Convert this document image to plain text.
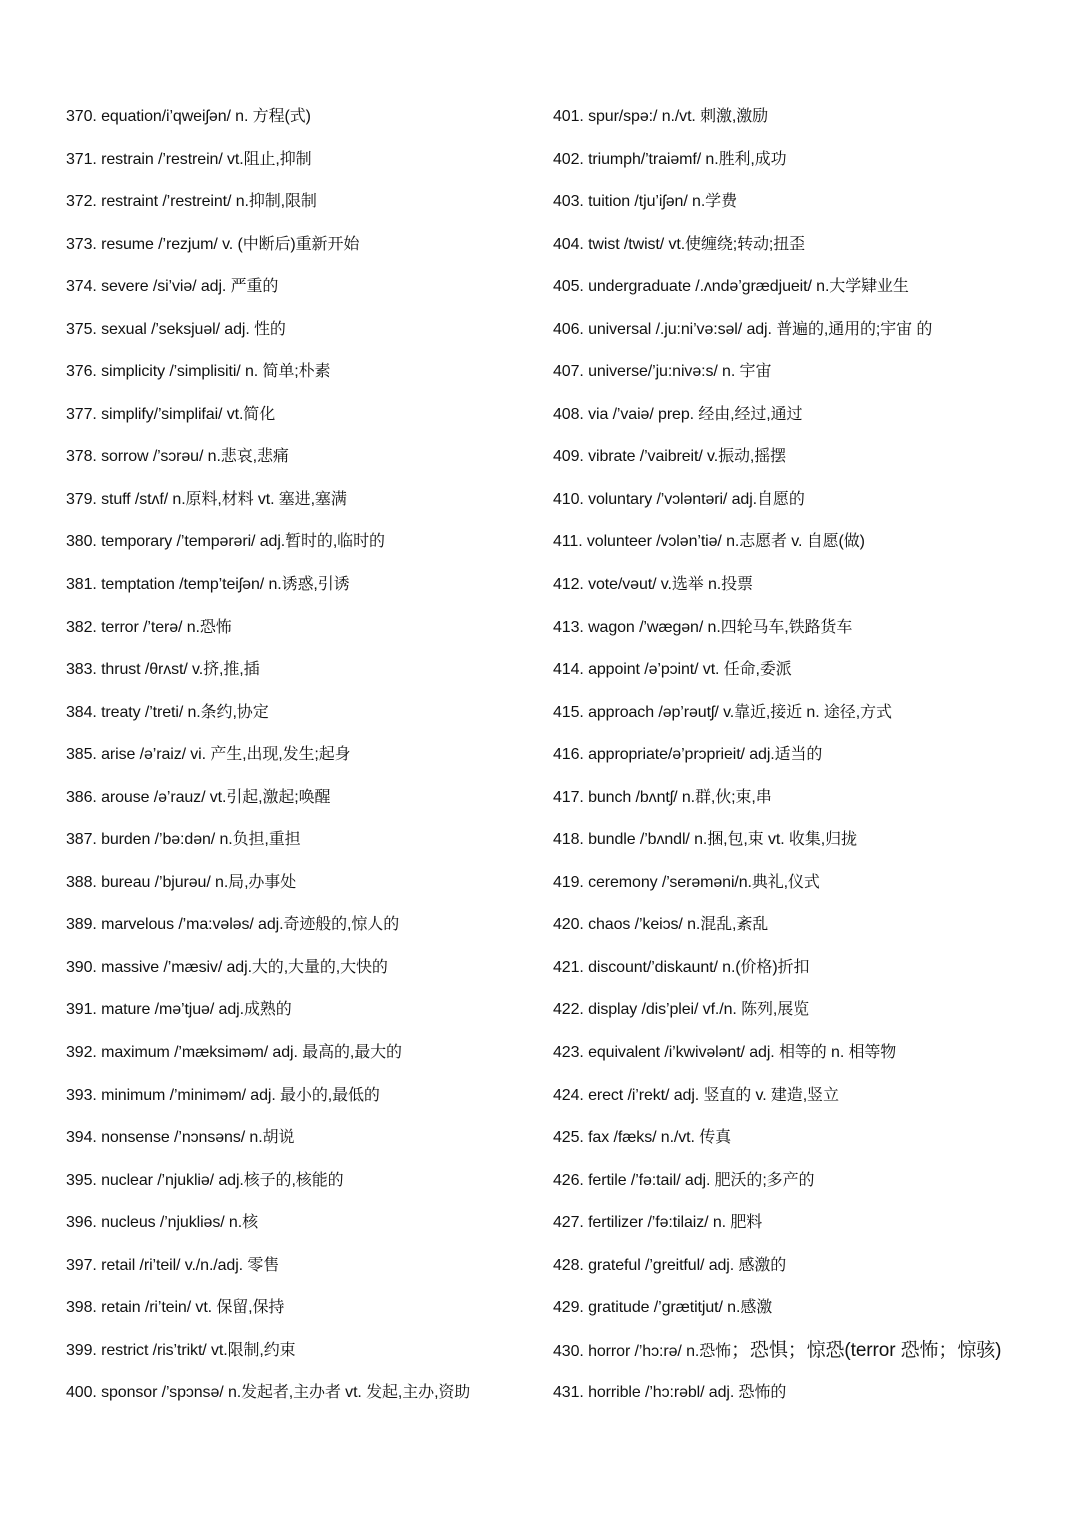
370. equation/i’qweiʃən/ n. 方程(式)
371. restrain /’restrein/ vt.阻止,抑制
372. restraint /’restreint/ n.抑制,限制
373. resume /’rezjum/ v. (中断后)重新开始
374. severe /si’viə/ adj. 严重的
375. sexual /’seksjuəl/ adj. 性的
376. simplicity /’simplisiti/ n. 简单;朴素
377. simplify/’simplifai/ vt.简化
378. sorrow /’sɔrəu/ n.悲哀,悲痛
379. stuff /stʌf/ n.原料,材料 vt. 塞进,塞满
380. temporary /’tempərəri/ adj.暂时的,临时的
381. temptation /temp’teiʃən/ n.诱惑,引诱
382. terror /’terə/ n.恐怖
383. thrust /θrʌst/ v.挤,推,插
384. treaty /’treti/ n.条约,协定
385. arise /ə’raiz/ vi. 产生,出现,发生;起身
386. arouse /ə’rauz/ vt.引起,激起;唤醒
387. burden /’bə:dən/ n.负担,重担
388. bureau /’bjurəu/ n.局,办事处
389. marvelous /’ma:vələs/ adj.奇迹般的,惊人的
390. massive /’mæsiv/ adj.大的,大量的,大快的
391. mature /mə’tjuə/ adj.成熟的
392. maximum /’mæksiməm/ adj. 最高的,最大的
393. minimum /’miniməm/ adj. 最小的,最低的
394. nonsense /’nɔnsəns/ n.胡说
395. nuclear /’njukliə/ adj.核子的,核能的
396. nucleus /’njukliəs/ n.核
397. retail /ri’teil/ v./n./adj. 零售
398. retain /ri’tein/ vt. 保留,保持
399. restrict /ris’trikt/ vt.限制,约束
400. sponsor /’spɔnsə/ n.发起者,主办者 vt. 发起,主办,资助
401. spur/spə:/ n./vt. 刺激,激励
402. triumph/’traiəmf/ n.胜利,成功
403. tuition /tju’iʃən/ n.学费
404. twist /twist/ vt.使缠绕;转动;扭歪
405. undergraduate /.ʌndə’grædjueit/ n.大学肄业生
406. universal /.ju:ni’və:səl/ adj. 普遍的,通用的;宇宙 的
407. universe/’ju:nivə:s/ n. 宇宙
408. via /’vaiə/ prep. 经由,经过,通过
409. vibrate /’vaibreit/ v.振动,摇摆
410. voluntary /’vɔləntəri/ adj.自愿的
411. volunteer /vɔlən’tiə/ n.志愿者 v. 自愿(做)
412. vote/vəut/ v.选举 n.投票
413. wagon /’wægən/ n.四轮马车,铁路货车
414. appoint /ə’pɔint/ vt. 任命,委派
415. approach /əp’rəutʃ/ v.靠近,接近 n. 途径,方式
416. appropriate/ə’prɔprieit/ adj.适当的
417. bunch /bʌntʃ/ n.群,伙;束,串
418. bundle /’bʌndl/ n.捆,包,束 vt. 收集,归拢
419. ceremony /’serəməni/n.典礼,仪式
420. chaos /’keiɔs/ n.混乱,紊乱
421. discount/’diskaunt/ n.(价格)折扣
422. display /dis’plei/ vf./n. 陈列,展览
423. equivalent /i’kwivələnt/ adj. 相等的 n. 相等物
424. erect /i’rekt/ adj. 竖直的 v. 建造,竖立
425. fax /fæks/ n./vt. 传真
426. fertile /’fə:tail/ adj. 肥沃的;多产的
427. fertilizer /’fə:tilaiz/ n. 肥料
428. grateful /’greitful/ adj. 感激的
429. gratitude /’grætitjut/ n.感激
430. horror /’hɔ:rə/ n.恐怖；恐惧；惊恐(terror 恐怖；惊骇)
431. horrible /’hɔ:rəbl/ adj. 恐怖的
